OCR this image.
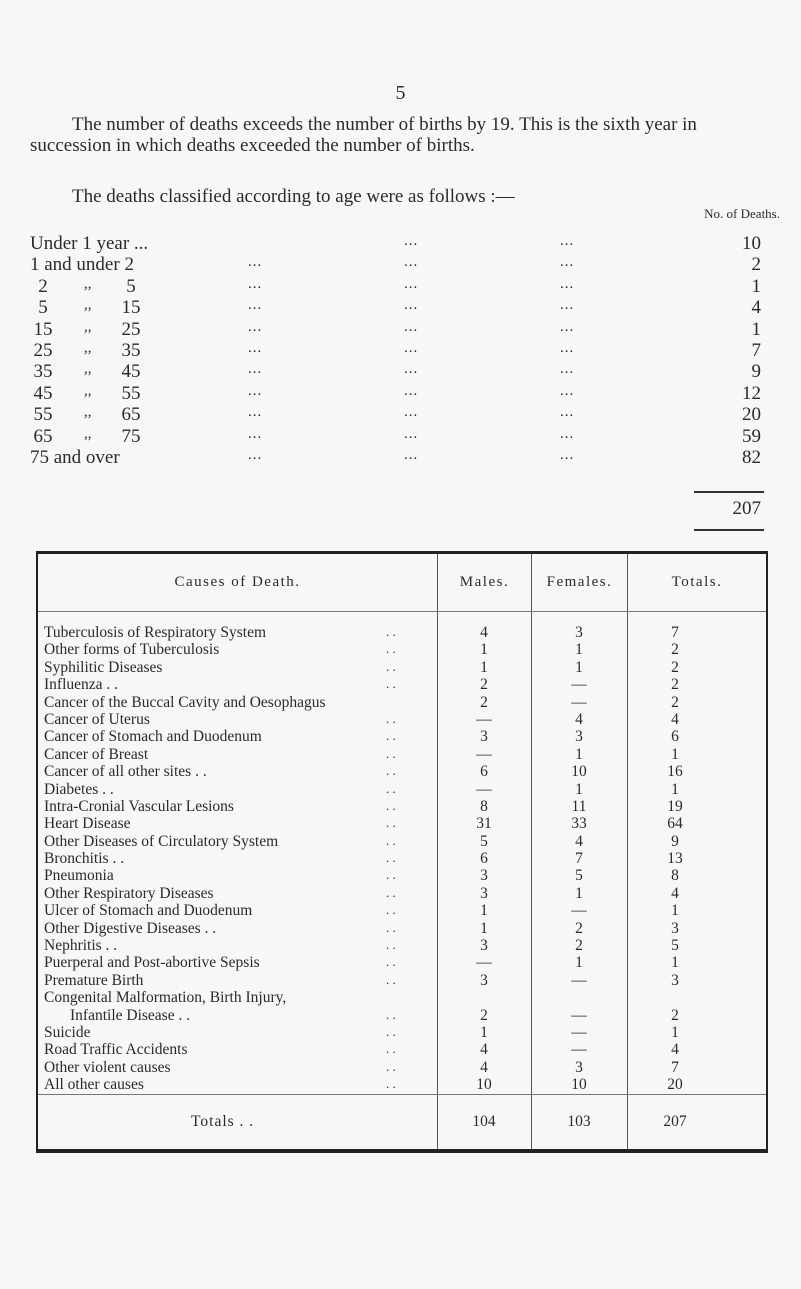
5

The number of deaths exceeds the number of births by 19. This is the sixth year in succession in which deaths exceeded the number of births.

The deaths classified according to age were as follows :—
No. of Deaths.
Under 1 year ...	...	...	10
1 and under 2	...	...	...	2
2	,,	5	...	...	...	1
5	,,	15	...	...	...	4
15 ,,	25	...	...	...	1
25 ,,	35	...	...	...	7
35 ,,	45	...	...	...	9
45 ,,	55	...	...	...	12
55 ,,	65	...	...	...	20
65 ,,	75	...	...	...	59
75 and over	...	...	...	82
207
Causes of Death.	Males.	Females.	Totals.
Tuberculosis of Respiratory System	. .	4	3	7
Other forms of Tuberculosis	. .	1	1	2
Syphilitic Diseases	. .	1	1	2
Influenza . .	. .	2	—	2
Cancer of the Buccal Cavity and Oesophagus	2	—	2
Cancer of Uterus	. .	—	4	4
Cancer of Stomach and Duodenum	. .	3	3	6
Cancer of Breast	. .	—	1	1
Cancer of all other sites . .	. .	6	10	16
Diabetes . .	. .	—	1	1
Intra-Cronial Vascular Lesions	. .	8	11	19
Heart Disease	. .	31	33	64
Other Diseases of Circulatory System	. .	5	4	9
Bronchitis . .	. .	6	7	13
Pneumonia	. .	3	5	8
Other Respiratory Diseases	. .	3	1	4
Ulcer of Stomach and Duodenum	. .	1	—	1
Other Digestive Diseases . .	. .	1	2	3
Nephritis . .	. .	3	2	5
Puerperal and Post-abortive Sepsis	. .	—	1	1
Premature Birth	. .	3	—	3
Congenital Malformation, Birth Injury,
Infantile Disease . .	. .	2	—	2
Suicide	. .	1	—	1
Road Traffic Accidents	. .	4	—	4
Other violent causes	. .	4	3	7
All other causes	. .	10	10	20
Totals . .	104	103	207
